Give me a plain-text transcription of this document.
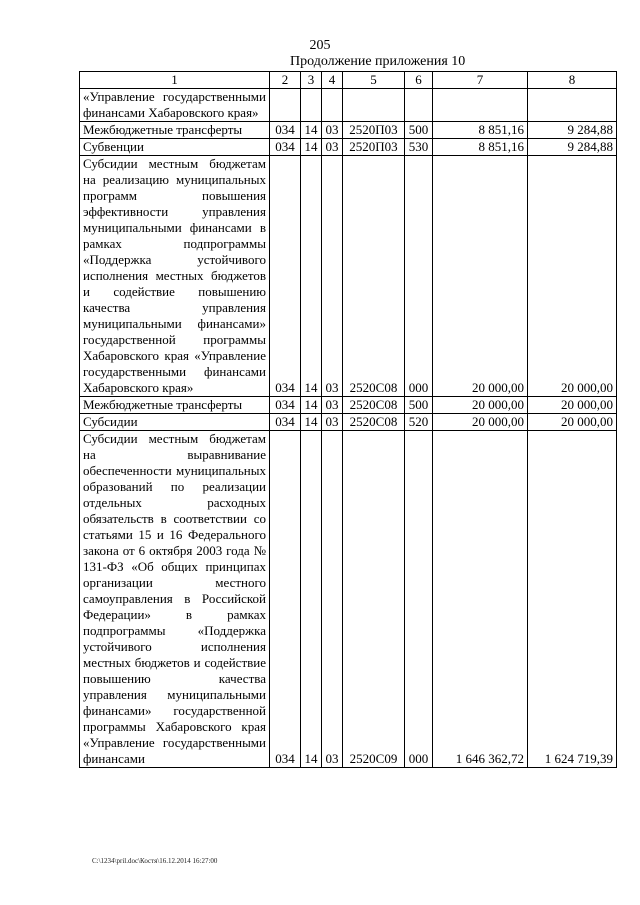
205
Продолжение приложения 10
1	2	3	4	5	6	7	8
«Управление государственными финансами Хабаровского края»							
Межбюджетные трансферты	034	14	03	2520П03	500	8 851,16	9 284,88
Субвенции	034	14	03	2520П03	530	8 851,16	9 284,88
Субсидии местным бюджетам на реализацию муниципальных программ повышения эффективности управления муниципальными финансами в рамках подпрограммы «Поддержка устойчивого исполнения местных бюджетов и содействие повышению качества управления муниципальными финансами» государственной программы Хабаровского края «Управление государственными финансами Хабаровского края»	034	14	03	2520С08	000	20 000,00	20 000,00
Межбюджетные трансферты	034	14	03	2520С08	500	20 000,00	20 000,00
Субсидии	034	14	03	2520С08	520	20 000,00	20 000,00
Субсидии местным бюджетам на выравнивание обеспеченности муниципальных образований по реализации отдельных расходных обязательств в соответствии со статьями 15 и 16 Федерального закона от 6 октября 2003 года № 131-ФЗ «Об общих принципах организации местного самоуправления в Российской Федерации» в рамках подпрограммы «Поддержка устойчивого исполнения местных бюджетов и содействие повышению качества управления муниципальными финансами» государственной программы Хабаровского края «Управление государственными финансами	034	14	03	2520С09	000	1 646 362,72	1 624 719,39
C:\1234\pril.doc\Костя\16.12.2014 16:27:00
